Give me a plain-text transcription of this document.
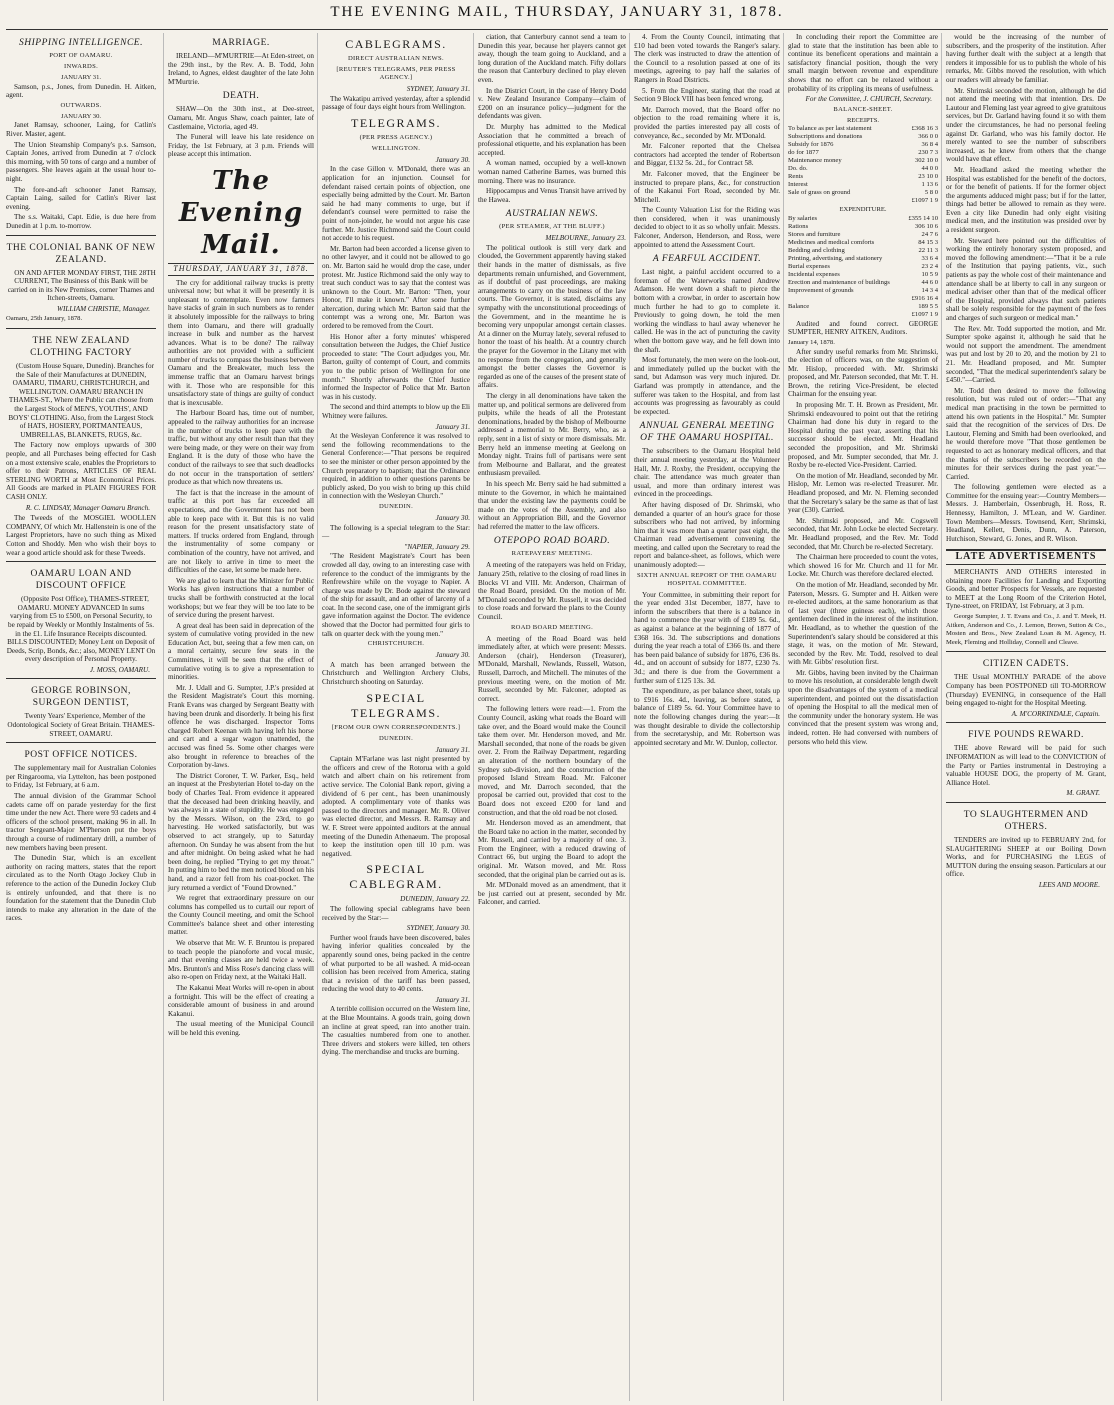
THE EVENING MAIL, THURSDAY, JANUARY 31, 1878.
SHIPPING INTELLIGENCE.
PORT OF OAMARU.
INWARDS.
JANUARY 31.

Samson, p.s., Jones, from Dunedin. H. Aitken, agent.

OUTWARDS.
JANUARY 30.

Janet Ramsay, schooner, Laing, for Catlin's River. Master, agent.

The Union Steamship Company's p.s. Samson, Captain Jones, arrived from Dunedin at 7 o'clock this morning, with 50 tons of cargo and a number of passengers. She leaves again at the usual hour to-night.

The fore-and-aft schooner Janet Ramsay, Captain Laing, sailed for Catlin's River last evening.

The s.s. Waitaki, Capt. Edie, is due here from Dunedin at 1 p.m. to-morrow.

THE COLONIAL BANK OF NEW ZEALAND.

ON AND AFTER MONDAY FIRST, THE 28TH CURRENT, The Business of this Bank will be carried on in its New Premises, corner Thames and Itchen-streets, Oamaru.

WILLIAM CHRISTIE, Manager.
Oamaru, 25th January, 1878.
THE NEW ZEALAND CLOTHING FACTORY

(Custom House Square, Dunedin). Branches for the Sale of their Manufactures at DUNEDIN, OAMARU, TIMARU, CHRISTCHURCH, and WELLINGTON. OAMARU BRANCH IN THAMES-ST., Where the Public can choose from the Largest Stock of MEN'S, YOUTHS', AND BOYS' CLOTHING. Also, from the Largest Stock of HATS, HOSIERY, PORTMANTEAUS, UMBRELLAS, BLANKETS, RUGS, &c.

The Factory now employs upwards of 300 people, and all Purchases being effected for Cash on a most extensive scale, enables the Proprietors to offer to their Patrons, ARTICLES OF REAL STERLING WORTH at Most Economical Prices. All Goods are marked in PLAIN FIGURES FOR CASH ONLY.

R. C. LINDSAY, Manager Oamaru Branch.

The Tweeds of the MOSGIEL WOOLLEN COMPANY, Of which Mr. Hallenstein is one of the Largest Proprietors, have no such thing as Mixed Cotton and Shoddy. Men who wish their boys to wear a good article should ask for these Tweeds.

OAMARU LOAN AND DISCOUNT OFFICE

(Opposite Post Office), THAMES-STREET, OAMARU. MONEY ADVANCED In sums varying from £5 to £500, on Personal Security, to be repaid by Weekly or Monthly Instalments of 5s. in the £1. Life Insurance Receipts discounted. BILLS DISCOUNTED; Money Lent on Deposit of Deeds, Scrip, Bonds, &c.; also, MONEY LENT On every description of Personal Property.

J. MOSS, OAMARU.
GEORGE ROBINSON, SURGEON DENTIST,

Twenty Years' Experience, Member of the Odontological Society of Great Britain. THAMES-STREET, OAMARU.

POST OFFICE NOTICES.

The supplementary mail for Australian Colonies per Ringarooma, via Lyttelton, has been postponed to Friday, 1st February, at 6 a.m.

The annual division of the Grammar School cadets came off on parade yesterday for the first time under the new Act. There were 93 cadets and 4 officers of the school present, making 96 in all. In tractor Sergeant-Major M'Pherson put the boys through a course of rudimentary drill, a number of new members having been present.

The Dunedin Star, which is an excellent authority on racing matters, states that the report circulated as to the North Otago Jockey Club in reference to the action of the Dunedin Jockey Club is entirely unfounded, and that there is no foundation for the statement that the Dunedin Club intends to make any alteration in the date of the races.

MARRIAGE.

IRELAND—M'MURTRIE—At Eden-street, on the 29th inst., by the Rev. A. B. Todd, John Ireland, to Agnes, eldest daughter of the late John M'Murtrie.

DEATH.

SHAW—On the 30th inst., at Dee-street, Oamaru, Mr. Angus Shaw, coach painter, late of Castlemaine, Victoria, aged 49.

The Funeral will leave his late residence on Friday, the 1st February, at 3 p.m. Friends will please accept this intimation.

The Evening Mail.
THURSDAY, JANUARY 31, 1878.

The cry for additional railway trucks is pretty universal now; but what it will be presently it is unpleasant to contemplate. Even now farmers have stacks of grain in such numbers as to render it absolutely impossible for the railways to bring them into Oamaru, and there will gradually increase in bulk and number as the harvest advances. What is to be done? The railway authorities are not provided with a sufficient number of trucks to compass the business between Oamaru and the Breakwater, much less the immense traffic that an Oamaru harvest brings with it. Those who are responsible for this unsatisfactory state of things are guilty of conduct that is inexcusable.

The Harbour Board has, time out of number, appealed to the railway authorities for an increase in the number of trucks to keep pace with the traffic, but without any other result than that they were being made, or they were on their way from England. It is the duty of those who have the conduct of the railways to see that such deadlocks do not occur in the transportation of settlers' produce as that which now threatens us.

The fact is that the increase in the amount of traffic at this port has far exceeded all expectations, and the Government has not been able to keep pace with it. But this is no valid reason for the present unsatisfactory state of matters. If trucks ordered from England, through the instrumentality of some company or combination of the country, have not arrived, and are not likely to arrive in time to meet the difficulties of the case, let some be made here.

We are glad to learn that the Minister for Public Works has given instructions that a number of trucks shall be forthwith constructed at the local workshops; but we fear they will be too late to be of service during the present harvest.

A great deal has been said in deprecation of the system of cumulative voting provided in the new Education Act, but, seeing that a few men can, on a moral certainty, secure few seats in the Committees, it will be seen that the effect of cumulative voting is to give a representation to minorities.

Mr. J. Udall and G. Sumpter, J.P.'s presided at the Resident Magistrate's Court this morning. Frank Evans was charged by Sergeant Beatty with having been drunk and disorderly. It being his first offence he was discharged. Inspector Toms charged Robert Keenan with having left his horse and cart and a sugar wagon unattended, the accused was fined 5s. Some other charges were also brought in reference to breaches of the Corporation by-laws.

The District Coroner, T. W. Parker, Esq., held an inquest at the Presbyterian Hotel to-day on the body of Charles Teal. From evidence it appeared that the deceased had been drinking heavily, and was always in a state of stupidity. He was engaged by the Messrs. Wilson, on the 23rd, to go harvesting. He worked satisfactorily, but was observed to act strangely, up to Saturday afternoon. On Sunday he was absent from the hut and after midnight. On being asked what he had been doing, he replied "Trying to get my throat." In putting him to bed the men noticed blood on his hand, and a razor fell from his coat-pocket. The jury returned a verdict of "Found Drowned."

We regret that extraordinary pressure on our columns has compelled us to curtail our report of the County Council meeting, and omit the School Committee's balance sheet and other interesting matter.

We observe that Mr. W. F. Bruntou is prepared to teach people the pianoforte and vocal music, and that evening classes are held twice a week. Mrs. Brunton's and Miss Rose's dancing class will also re-open on Friday next, at the Waitaki Hall.

The Kakanui Meat Works will re-open in about a fortnight. This will be the effect of creating a considerable amount of business in and around Kakanui.

The usual meeting of the Municipal Council will be held this evening.

CABLEGRAMS.
DIRECT AUSTRALIAN NEWS.
[REUTER'S TELEGRAMS, PER PRESS AGENCY.]
SYDNEY, January 31.

The Wakatipu arrived yesterday, after a splendid passage of four days eight hours from Wellington.

TELEGRAMS.
(PER PRESS AGENCY.)
WELLINGTON.
January 30.

In the case Gillon v. M'Donald, there was an application for an injunction. Counsel for defendant raised certain points of objection, one especially being admitted by the Court. Mr. Barton said he had many comments to urge, but if defendant's counsel were permitted to raise the point of non-joinder, he would not argue his case further. Mr. Justice Richmond said the Court could not accede to his request.

Mr. Barton had been accorded a license given to no other lawyer, and it could not be allowed to go on. Mr. Barton said he would drop the case, under protest. Mr. Justice Richmond said the only way to treat such conduct was to say that the contest was unknown to the Court. Mr. Barton: "Then, your Honor, I'll make it known." After some further altercation, during which Mr. Barton said that the contempt was a wrong one, Mr. Barton was ordered to be removed from the Court.

His Honor after a forty minutes' whispered consultation between the Judges, the Chief Justice proceeded to state: "The Court adjudges you, Mr. Barton, guilty of contempt of Court, and commits you to the public prison of Wellington for one month." Shortly afterwards the Chief Justice informed the Inspector of Police that Mr. Barton was in his custody.

The second and third attempts to blow up the Eli Whitney were failures.

January 31.

At the Wesleyan Conference it was resolved to send the following recommendations to the General Conference:—"That persons be required to see the minister or other person appointed by the Church preparatory to baptism; that the Ordinance required, in addition to other questions parents be publicly asked, Do you wish to bring up this child in connection with the Wesleyan Church."

DUNEDIN.
January 30.

The following is a special telegram to the Star:—

"NAPIER, January 29.

"The Resident Magistrate's Court has been crowded all day, owing to an interesting case with reference to the conduct of the immigrants by the Renfrewshire while on the voyage to Napier. A charge was made by Dr. Bode against the steward of the ship for assault, and an other of larceny of a coat. In the second case, one of the immigrant girls gave information against the Doctor. The evidence showed that the Doctor had permitted four girls to talk on quarter deck with the young men."

CHRISTCHURCH.
January 30.

A match has been arranged between the Christchurch and Wellington Archery Clubs, Christchurch shooting on Saturday.

SPECIAL TELEGRAMS.
[FROM OUR OWN CORRESPONDENTS.]
DUNEDIN.
January 31.

Captain M'Farlane was last night presented by the officers and crew of the Rotorua with a gold watch and albert chain on his retirement from active service. The Colonial Bank report, giving a dividend of 6 per cent., has been unanimously adopted. A complimentary vote of thanks was passed to the directors and manager. Mr. R. Oliver was elected director, and Messrs. R. Ramsay and W. F. Street were appointed auditors at the annual meeting of the Dunedin Athenaeum. The proposal to keep the institution open till 10 p.m. was negatived.

SPECIAL CABLEGRAM.
DUNEDIN, January 22.

The following special cablegrams have been received by the Star:—

SYDNEY, January 30.

Further wool frauds have been discovered, bales having inferior qualities concealed by the apparently sound ones, being packed in the centre of what purported to be all washed. A mid-ocean collision has been received from America, stating that a revision of the tariff has been passed, reducing the wool duty to 40 cents.

January 31.

A terrible collision occurred on the Western line, at the Blue Mountains. A goods train, going down an incline at great speed, ran into another train. The casualties numbered from one to another. Three drivers and stokers were killed, ten others dying. The merchandise and trucks are burning.

ciation, that Canterbury cannot send a team to Dunedin this year, because her players cannot get away, though the team going to Auckland, and a long duration of the Auckland match. Fifty dollars the reason that Canterbury declined to play eleven even.

In the District Court, in the case of Henry Dodd v. New Zealand Insurance Company—claim of £200 on an insurance policy—judgment for the defendants was given.

Dr. Murphy has admitted to the Medical Association that he committed a breach of professional etiquette, and his explanation has been accepted.

A woman named, occupied by a well-known woman named Catherine Barnes, was burned this morning. There was no insurance.

Hippocampus and Venus Transit have arrived by the Hawea.

AUSTRALIAN NEWS.
(PER STEAMER, AT THE BLUFF.)
MELBOURNE, January 23.

The political outlook is still very dark and clouded, the Government apparently having staked their hands in the matter of dismissals, as five departments remain unfurnished, and Government, as if doubtful of past proceedings, are making arrangements to carry on the business of the law courts. The Governor, it is stated, disclaims any sympathy with the unconstitutional proceedings of the Government, and in the meantime he is becoming very unpopular amongst certain classes. At a dinner on the Murray lately, several refused to honor the toast of his health. At a country church the prayer for the Governor in the Litany met with no response from the congregation, and generally amongst the better classes the Governor is regarded as one of the causes of the present state of affairs.

The clergy in all denominations have taken the matter up, and political sermons are delivered from pulpits, while the heads of all the Protestant denominations, headed by the bishop of Melbourne addressed a memorial to Mr. Berry, who, as a reply, sent in a list of sixty or more dismissals. Mr. Berry held an immense meeting at Geelong on Monday night. Trains full of partisans were sent from Melbourne and Ballarat, and the greatest enthusiasm prevailed.

In his speech Mr. Berry said he had submitted a minute to the Governor, in which he maintained that under the existing law the payments could be made on the votes of the Assembly, and also without an Appropriation Bill, and the Governor had referred the matter to the law officers.

OTEPOPO ROAD BOARD.
RATEPAYERS' MEETING.

A meeting of the ratepayers was held on Friday, January 25th, relative to the closing of road lines in Blocks VI and VIII. Mr. Anderson, Chairman of the Road Board, presided. On the motion of Mr. M'Donald seconded by Mr. Russell, it was decided to close roads and forward the plans to the County Council.

ROAD BOARD MEETING.

A meeting of the Road Board was held immediately after, at which were present: Messrs. Anderson (chair), Henderson (Treasurer), M'Donald, Marshall, Newlands, Russell, Watson, Russell, Darroch, and Mitchell. The minutes of the previous meeting were, on the motion of Mr. Russell, seconded by Mr. Falconer, adopted as correct.

The following letters were read:—1. From the County Council, asking what roads the Board will take over, and the Board would make the Council take them over. Mr. Henderson moved, and Mr. Marshall seconded, that none of the roads be given over. 2. From the Railway Department, regarding an alteration of the northern boundary of the Sydney sub-division, and the construction of the proposed Island Stream Road. Mr. Falconer moved, and Mr. Darroch seconded, that the proposal be carried out, provided that cost to the Board does not exceed £200 for land and construction, and that the old road be not closed.

Mr. Henderson moved as an amendment, that the Board take no action in the matter, seconded by Mr. Russell, and carried by a majority of one. 3. From the Engineer, with a reduced drawing of Contract 66, but urging the Board to adopt the original. Mr. Watson moved, and Mr. Ross seconded, that the original plan be carried out as is.

Mr. M'Donald moved as an amendment, that it be just carried out at present, seconded by Mr. Falconer, and carried.

4. From the County Council, intimating that £10 had been voted towards the Ranger's salary. The clerk was instructed to draw the attention of the Council to a resolution passed at one of its meetings, agreeing to pay half the salaries of Rangers in Road Districts.

5. From the Engineer, stating that the road at Section 9 Block VIII has been fenced wrong.

Mr. Darroch moved, that the Board offer no objection to the road remaining where it is, provided the parties interested pay all costs of conveyance, &c., seconded by Mr. M'Donald.

Mr. Falconer reported that the Chelsea contractors had accepted the tender of Robertson and Biggar, £132 5s. 2d., for Contract 58.

Mr. Falconer moved, that the Engineer be instructed to prepare plans, &c., for construction of the Kakanui Fort Road, seconded by Mr. Mitchell.

The County Valuation List for the Riding was then considered, when it was unanimously decided to object to it as so wholly unfair. Messrs. Falconer, Anderson, Henderson, and Ross, were appointed to attend the Assessment Court.

A FEARFUL ACCIDENT.

Last night, a painful accident occurred to a foreman of the Waterworks named Andrew Adamson. He went down a shaft to pierce the bottom with a crowbar, in order to ascertain how much further he had to go to complete it. Previously to going down, he told the men working the windlass to haul away whenever he called. He was in the act of puncturing the cavity when the bottom gave way, and he fell down into the shaft.

Most fortunately, the men were on the look-out, and immediately pulled up the bucket with the sand, but Adamson was very much injured. Dr. Garland was promptly in attendance, and the sufferer was taken to the Hospital, and from last accounts was progressing as favourably as could be expected.

ANNUAL GENERAL MEETING OF THE OAMARU HOSPITAL.

The subscribers to the Oamaru Hospital held their annual meeting yesterday, at the Volunteer Hall, Mr. J. Roxby, the President, occupying the chair. The attendance was much greater than usual, and more than ordinary interest was evinced in the proceedings.

After having disposed of Dr. Shrimski, who demanded a quarter of an hour's grace for those subscribers who had not arrived, by informing him that it was more than a quarter past eight, the Chairman read advertisement convening the meeting, and called upon the Secretary to read the report and balance-sheet, as follows, which were unanimously adopted:—

SIXTH ANNUAL REPORT OF THE OAMARU HOSPITAL COMMITTEE.

Your Committee, in submitting their report for the year ended 31st December, 1877, have to inform the subscribers that there is a balance in hand to commence the year with of £189 5s. 6d., as against a balance at the beginning of 1877 of £368 16s. 3d. The subscriptions and donations during the year reach a total of £366 0s. and there has been paid balance of subsidy for 1876, £36 8s. 4d., and on account of subsidy for 1877, £230 7s. 3d.; and there is due from the Government a further sum of £125 13s. 3d.

The expenditure, as per balance sheet, totals up to £916 16s. 4d., leaving, as before stated, a balance of £189 5s. 6d. Your Committee have to note the following changes during the year:—It was thought desirable to divide the collectorship from the secretaryship, and Mr. Robertson was appointed secretary and Mr. W. Dunlop, collector.

In concluding their report the Committee are glad to state that the institution has been able to continue its beneficent operations and maintain a satisfactory financial position, though the very small margin between revenue and expenditure shows that no effort can be relaxed without a probability of its crippling its means of usefulness.

For the Committee, J. CHURCH, Secretary.
BALANCE-SHEET.
RECEIPTS.
To balance as per last statement	£368 16 3
Subscriptions and donations	366 0 0
Subsidy for 1876	36 8 4
do for 1877	230 7 3
Maintenance money	302 10 0
Do. do.	44 0 0
Rents	23 10 0
Interest	1 13 6
Sale of grass on ground	5 8 0
£1097 1 9
EXPENDITURE.
By salaries	£355 14 10
Rations	306 10 6
Stores and furniture	24 7 6
Medicines and medical comforts	84 15 3
Bedding and clothing	22 11 3
Printing, advertising, and stationery	33 6 4
Burial expenses	23 2 4
Incidental expenses	10 5 9
Erection and maintenance of buildings	44 6 0
Improvement of grounds	14 3 4
£916 16 4
Balance	189 5 5
£1097 1 9

Audited and found correct. GEORGE SUMPTER, HENRY AITKEN, Auditors.

January 14, 1878.

After sundry useful remarks from Mr. Shrimski, the election of officers was, on the suggestion of Mr. Hislop, proceeded with. Mr. Shrimski proposed, and Mr. Paterson seconded, that Mr. T. H. Brown, the retiring Vice-President, be elected Chairman for the ensuing year.

In proposing Mr. T. H. Brown as President, Mr. Shrimski endeavoured to point out that the retiring Chairman had done his duty in regard to the Hospital during the past year, asserting that his successor should be elected. Mr. Headland seconded the proposition, and Mr. Shrimski proposed, and Mr. Sumpter seconded, that Mr. J. Roxby be re-elected Vice-President. Carried.

On the motion of Mr. Headland, seconded by Mr. Hislop, Mr. Lemon was re-elected Treasurer. Mr. Headland proposed, and Mr. N. Fleming seconded that the Secretary's salary be the same as that of last year (£30). Carried.

Mr. Shrimski proposed, and Mr. Cogswell seconded, that Mr. John Locke be elected Secretary. Mr. Headland proposed, and the Rev. Mr. Todd seconded, that Mr. Church be re-elected Secretary.

The Chairman here proceeded to count the votes, which showed 16 for Mr. Church and 11 for Mr. Locke. Mr. Church was therefore declared elected.

On the motion of Mr. Headland, seconded by Mr. Paterson, Messrs. G. Sumpter and H. Aitken were re-elected auditors, at the same honorarium as that of last year (three guineas each), which those gentlemen declined in the interest of the institution. Mr. Headland, as to whether the question of the Superintendent's salary should be considered at this stage, it was, on the motion of Mr. Steward, seconded by the Rev. Mr. Todd, resolved to deal with Mr. Gibbs' resolution first.

Mr. Gibbs, having been invited by the Chairman to move his resolution, at considerable length dwelt upon the disadvantages of the system of a medical superintendent, and pointed out the dissatisfaction of opening the Hospital to all the medical men of the community under the honorary system. He was convinced that the present system was wrong and, indeed, rotten. He had conversed with numbers of persons who held this view.

would be the increasing of the number of subscribers, and the prosperity of the institution. After having further dealt with the subject at a length that renders it impossible for us to publish the whole of his remarks, Mr. Gibbs moved the resolution, with which our readers will already be familiar.

Mr. Shrimski seconded the motion, although he did not attend the meeting with that intention. Drs. De Lautour and Fleming last year agreed to give gratuitous services, but Dr. Garland having found it so with them under the circumstances, he had no personal feeling against Dr. Garland, who was his family doctor. He merely wanted to see the number of subscribers increased, as he knew from others that the change would have that effect.

Mr. Headland asked the meeting whether the Hospital was established for the benefit of the doctors, or for the benefit of patients. If for the former object the arguments adduced might pass; but if for the latter, things had better be allowed to remain as they were. Even a city like Dunedin had only eight visiting medical men, and the institution was presided over by a resident surgeon.

Mr. Steward here pointed out the difficulties of working the entirely honorary system proposed, and moved the following amendment:—"That it be a rule of the Institution that paying patients, viz., such patients as pay the whole cost of their maintenance and attendance shall be at liberty to call in any surgeon or medical adviser other than that of the medical officer of the Hospital, provided always that such patients shall be solely responsible for the payment of the fees and charges of such surgeon or medical man."

The Rev. Mr. Todd supported the motion, and Mr. Sumpter spoke against it, although he said that he would not support the amendment. The amendment was put and lost by 20 to 20, and the motion by 21 to 21. Mr. Headland proposed, and Mr. Sumpter seconded, "That the medical superintendent's salary be £450."—Carried.

Mr. Todd then desired to move the following resolution, but was ruled out of order:—"That any medical man practising in the town be permitted to attend his own patients in the Hospital." Mr. Sumpter said that the recognition of the services of Drs. De Lautour, Fleming and Smith had been overlooked, and he would therefore move "That those gentlemen be requested to act as honorary medical officers, and that the thanks of the subscribers be recorded on the minutes for their services during the past year."—Carried.

The following gentlemen were elected as a Committee for the ensuing year:—Country Members—Messrs. J. Hamberlain, Ossenbrugh, H. Ross, R. Hennessy, Hamilton, J. M'Lean, and W. Gardiner. Town Members—Messrs. Townsend, Kerr, Shrimski, Headland, Kellett, Denis, Dunn, A. Paterson, Hutchison, Steward, G. Jones, and R. Wilson.

LATE ADVERTISEMENTS

MERCHANTS AND OTHERS interested in obtaining more Facilities for Landing and Exporting Goods, and better Prospects for Vessels, are requested to MEET at the Long Room of the Criterion Hotel, Tyne-street, on FRIDAY, 1st February, at 3 p.m.

George Sumpter, J. T. Evans and Co., J. and T. Meek, H. Aitken, Anderson and Co., J. Lemon, Brown, Sutton & Co., Mosten and Bros., New Zealand Loan & M. Agency, H. Meek, Fleming and Holliday, Connell and Cleave.

CITIZEN CADETS.

THE Usual MONTHLY PARADE of the above Company has been POSTPONED till TO-MORROW (Thursday) EVENING, in consequence of the Hall being engaged to-night for the Hospital Meeting.

A. M'CORKINDALE, Captain.
FIVE POUNDS REWARD.

THE above Reward will be paid for such INFORMATION as will lead to the CONVICTION of the Party or Parties instrumental in Destroying a valuable HOUSE DOG, the property of M. Grant, Alliance Hotel.

M. GRANT.
TO SLAUGHTERMEN AND OTHERS.

TENDERS are invited up to FEBRUARY 2nd, for SLAUGHTERING SHEEP at our Boiling Down Works, and for PURCHASING the LEGS of MUTTON during the ensuing season. Particulars at our office.

LEES AND MOORE.
